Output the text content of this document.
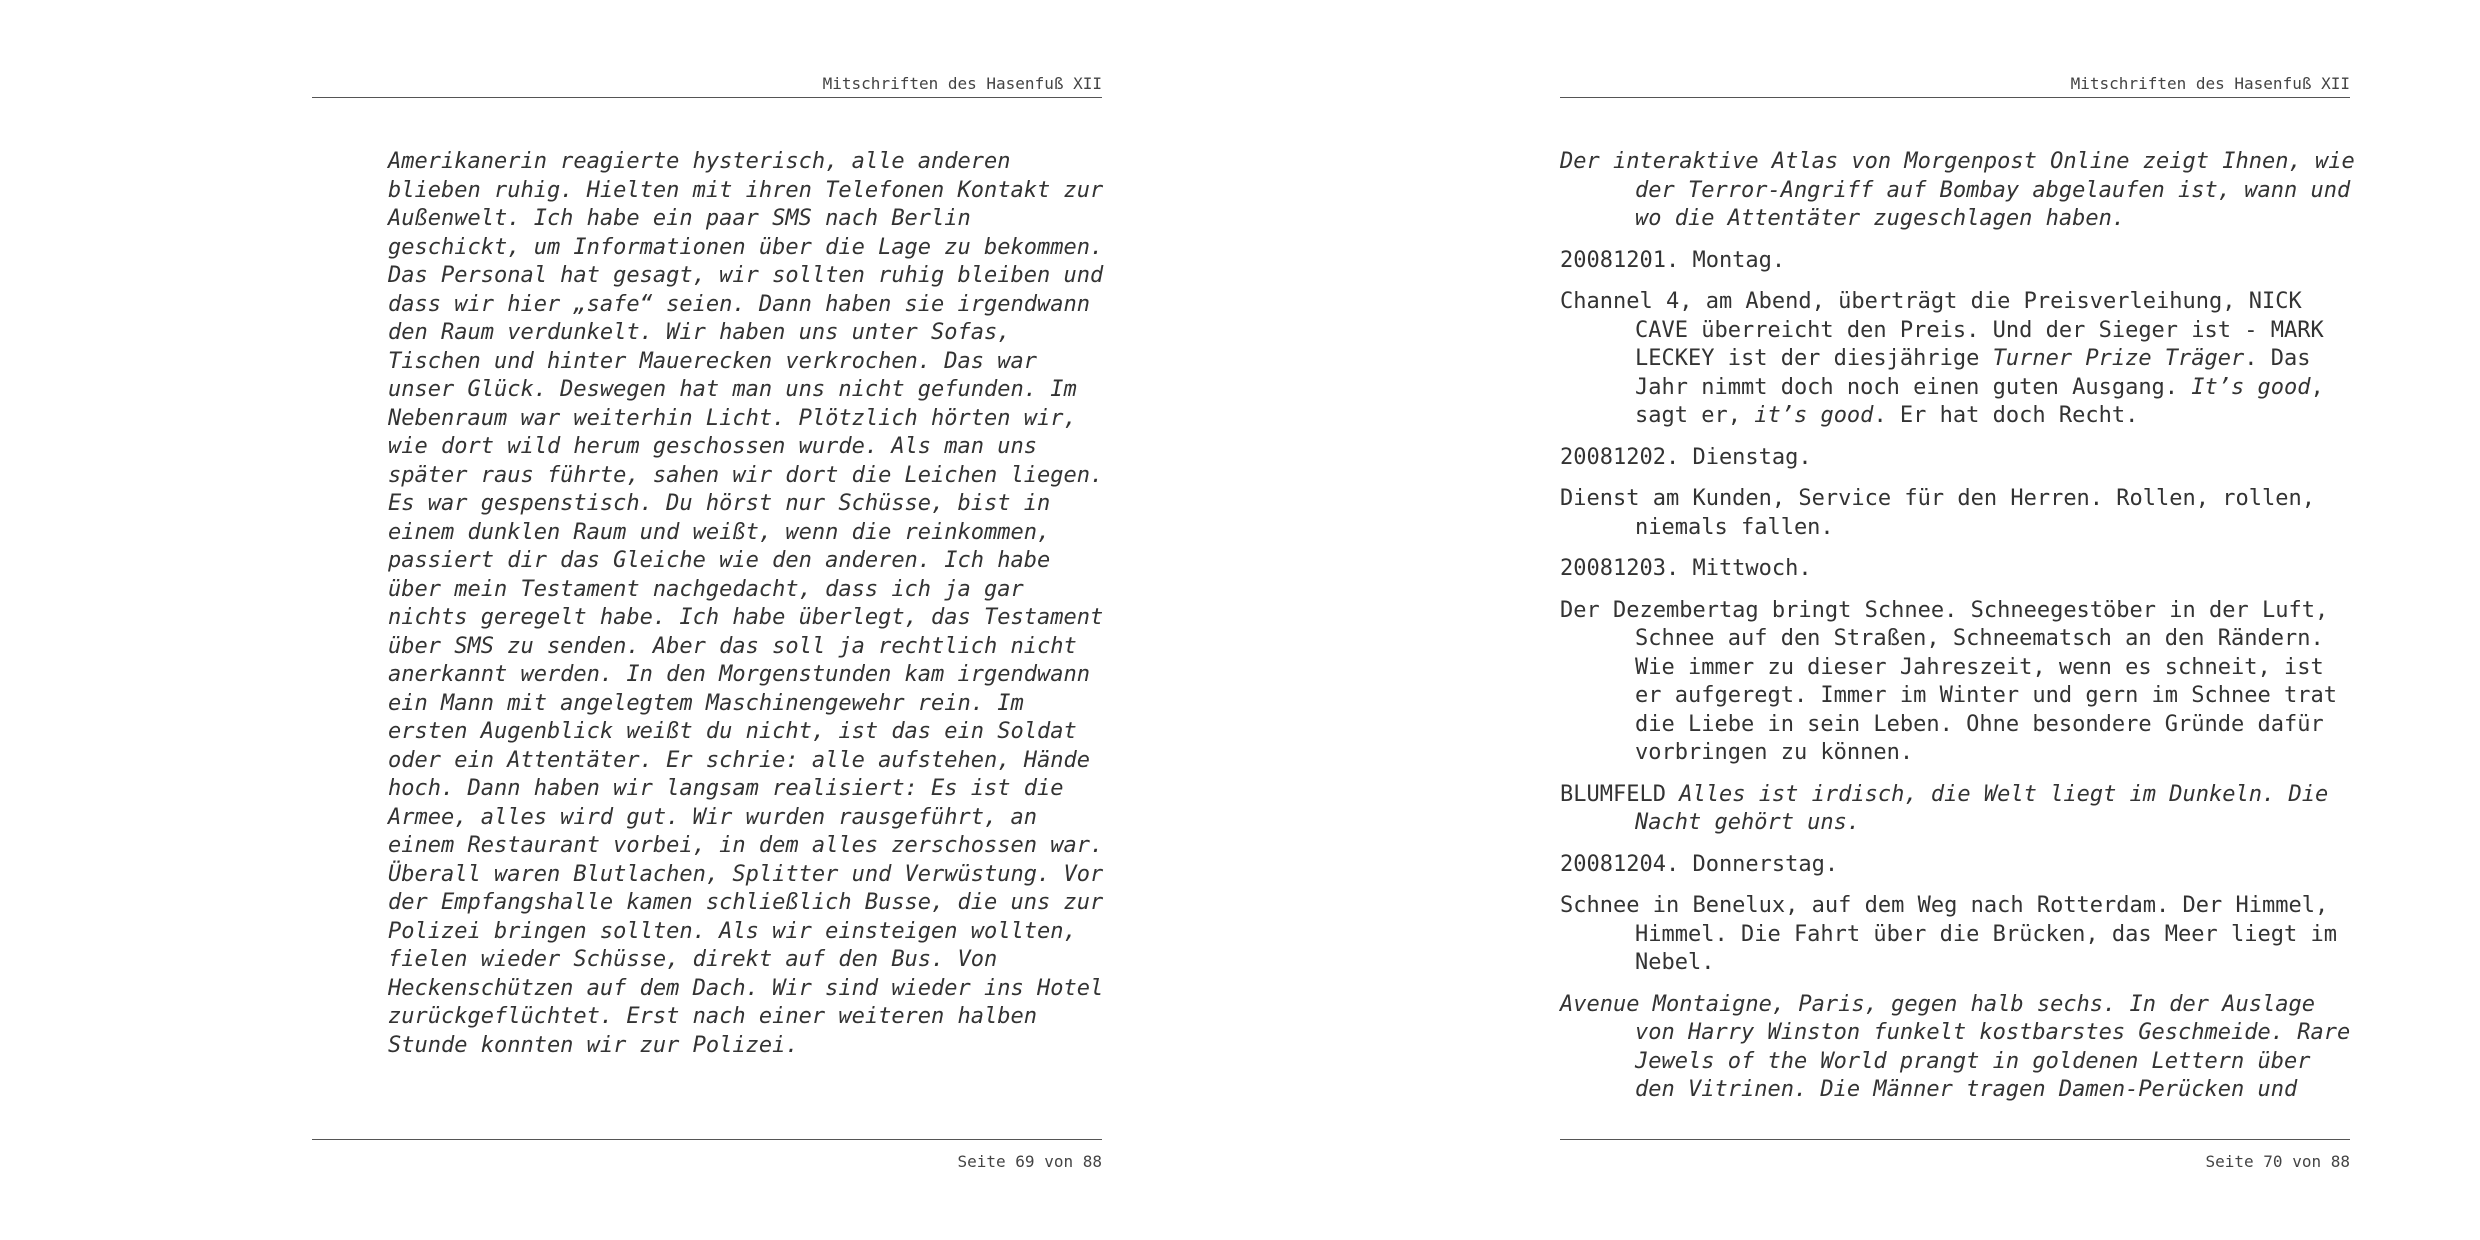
Mitschriften des Hasenfuß XII
Amerikanerin reagierte hysterisch, alle anderen
blieben ruhig. Hielten mit ihren Telefonen Kontakt zur
Außenwelt. Ich habe ein paar SMS nach Berlin
geschickt, um Informationen über die Lage zu bekommen.
Das Personal hat gesagt, wir sollten ruhig bleiben und
dass wir hier „safe“ seien. Dann haben sie irgendwann
den Raum verdunkelt. Wir haben uns unter Sofas,
Tischen und hinter Mauerecken verkrochen. Das war
unser Glück. Deswegen hat man uns nicht gefunden. Im
Nebenraum war weiterhin Licht. Plötzlich hörten wir,
wie dort wild herum geschossen wurde. Als man uns
später raus führte, sahen wir dort die Leichen liegen.
Es war gespenstisch. Du hörst nur Schüsse, bist in
einem dunklen Raum und weißt, wenn die reinkommen,
passiert dir das Gleiche wie den anderen. Ich habe
über mein Testament nachgedacht, dass ich ja gar
nichts geregelt habe. Ich habe überlegt, das Testament
über SMS zu senden. Aber das soll ja rechtlich nicht
anerkannt werden. In den Morgenstunden kam irgendwann
ein Mann mit angelegtem Maschinengewehr rein. Im
ersten Augenblick weißt du nicht, ist das ein Soldat
oder ein Attentäter. Er schrie: alle aufstehen, Hände
hoch. Dann haben wir langsam realisiert: Es ist die
Armee, alles wird gut. Wir wurden rausgeführt, an
einem Restaurant vorbei, in dem alles zerschossen war.
Überall waren Blutlachen, Splitter und Verwüstung. Vor
der Empfangshalle kamen schließlich Busse, die uns zur
Polizei bringen sollten. Als wir einsteigen wollten,
fielen wieder Schüsse, direkt auf den Bus. Von
Heckenschützen auf dem Dach. Wir sind wieder ins Hotel
zurückgeflüchtet. Erst nach einer weiteren halben
Stunde konnten wir zur Polizei.
Seite 69 von 88
Mitschriften des Hasenfuß XII
Der interaktive Atlas von Morgenpost Online zeigt Ihnen, wie
der Terror-Angriff auf Bombay abgelaufen ist, wann und
wo die Attentäter zugeschlagen haben.
20081201. Montag.
Channel 4, am Abend, überträgt die Preisverleihung, NICK
CAVE überreicht den Preis. Und der Sieger ist - MARK
LECKEY ist der diesjährige Turner Prize Träger. Das
Jahr nimmt doch noch einen guten Ausgang. It’s good,
sagt er, it’s good. Er hat doch Recht.
20081202. Dienstag.
Dienst am Kunden, Service für den Herren. Rollen, rollen,
niemals fallen.
20081203. Mittwoch.
Der Dezembertag bringt Schnee. Schneegestöber in der Luft,
Schnee auf den Straßen, Schneematsch an den Rändern.
Wie immer zu dieser Jahreszeit, wenn es schneit, ist
er aufgeregt. Immer im Winter und gern im Schnee trat
die Liebe in sein Leben. Ohne besondere Gründe dafür
vorbringen zu können.
BLUMFELD Alles ist irdisch, die Welt liegt im Dunkeln. Die
Nacht gehört uns.
20081204. Donnerstag.
Schnee in Benelux, auf dem Weg nach Rotterdam. Der Himmel,
Himmel. Die Fahrt über die Brücken, das Meer liegt im
Nebel.
Avenue Montaigne, Paris, gegen halb sechs. In der Auslage
von Harry Winston funkelt kostbarstes Geschmeide. Rare
Jewels of the World prangt in goldenen Lettern über
den Vitrinen. Die Männer tragen Damen-Perücken und
Seite 70 von 88
